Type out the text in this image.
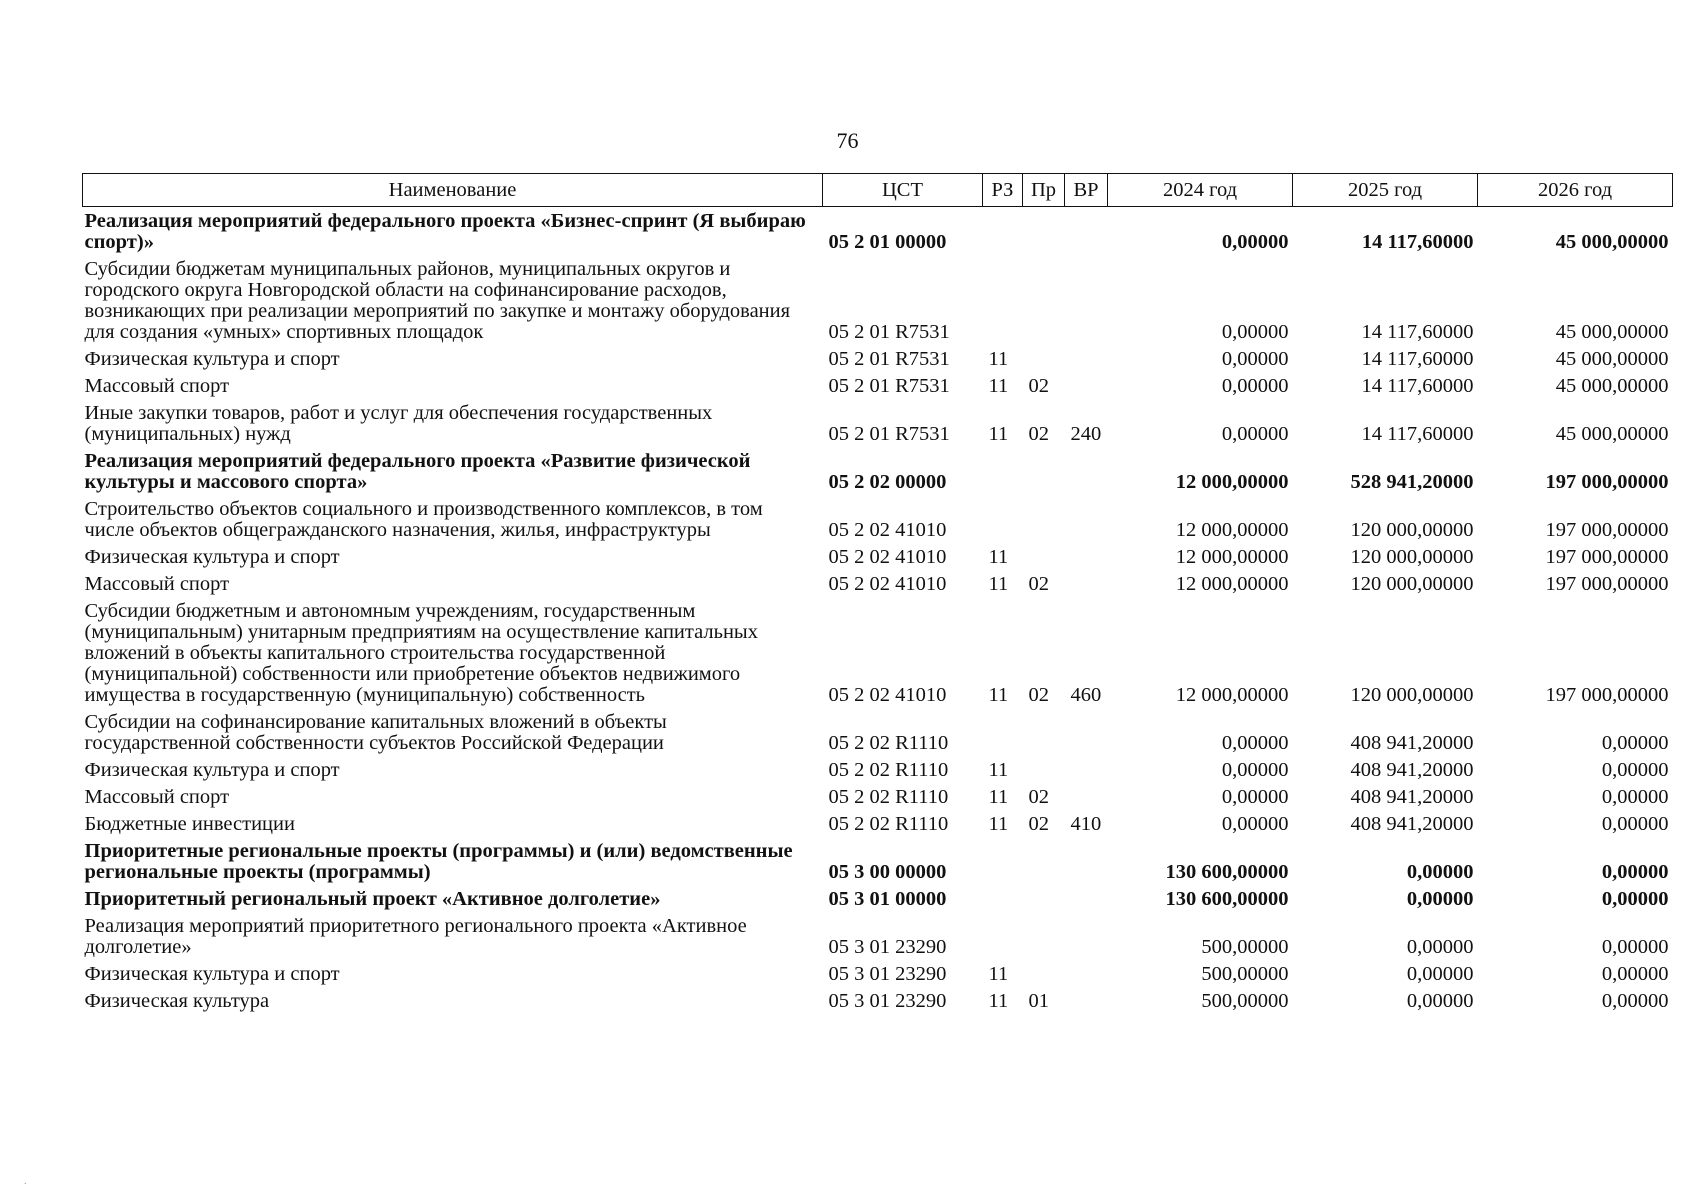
76
Наименование	ЦСТ	РЗ	Пр	ВР	2024 год	2025 год	2026 год
Реализация мероприятий федерального проекта «Бизнес-спринт (Я выбираю спорт)»	05 2 01 00000				0,00000	14 117,60000	45 000,00000
Субсидии бюджетам муниципальных районов, муниципальных округов и городского округа Новгородской области на софинансирование расходов, возникающих при реализации мероприятий по закупке и монтажу оборудования для создания «умных» спортивных площадок	05 2 01 R7531				0,00000	14 117,60000	45 000,00000
Физическая культура и спорт	05 2 01 R7531	11			0,00000	14 117,60000	45 000,00000
Массовый спорт	05 2 01 R7531	11	02		0,00000	14 117,60000	45 000,00000
Иные закупки товаров, работ и услуг для обеспечения государственных (муниципальных) нужд	05 2 01 R7531	11	02	240	0,00000	14 117,60000	45 000,00000
Реализация мероприятий федерального проекта «Развитие физической культуры и массового спорта»	05 2 02 00000				12 000,00000	528 941,20000	197 000,00000
Строительство объектов социального и производственного комплексов, в том числе объектов общегражданского назначения, жилья, инфраструктуры	05 2 02 41010				12 000,00000	120 000,00000	197 000,00000
Физическая культура и спорт	05 2 02 41010	11			12 000,00000	120 000,00000	197 000,00000
Массовый спорт	05 2 02 41010	11	02		12 000,00000	120 000,00000	197 000,00000
Субсидии бюджетным и автономным учреждениям, государственным (муниципальным) унитарным предприятиям на осуществление капитальных вложений в объекты капитального строительства государственной (муниципальной) собственности или приобретение объектов недвижимого имущества в государственную (муниципальную) собственность	05 2 02 41010	11	02	460	12 000,00000	120 000,00000	197 000,00000
Субсидии на софинансирование капитальных вложений в объекты государственной собственности субъектов Российской Федерации	05 2 02 R1110				0,00000	408 941,20000	0,00000
Физическая культура и спорт	05 2 02 R1110	11			0,00000	408 941,20000	0,00000
Массовый спорт	05 2 02 R1110	11	02		0,00000	408 941,20000	0,00000
Бюджетные инвестиции	05 2 02 R1110	11	02	410	0,00000	408 941,20000	0,00000
Приоритетные региональные проекты (программы) и (или) ведомственные региональные проекты (программы)	05 3 00 00000				130 600,00000	0,00000	0,00000
Приоритетный региональный проект «Активное долголетие»	05 3 01 00000				130 600,00000	0,00000	0,00000
Реализация мероприятий приоритетного регионального проекта «Активное долголетие»	05 3 01 23290				500,00000	0,00000	0,00000
Физическая культура и спорт	05 3 01 23290	11			500,00000	0,00000	0,00000
Физическая культура	05 3 01 23290	11	01		500,00000	0,00000	0,00000
.
